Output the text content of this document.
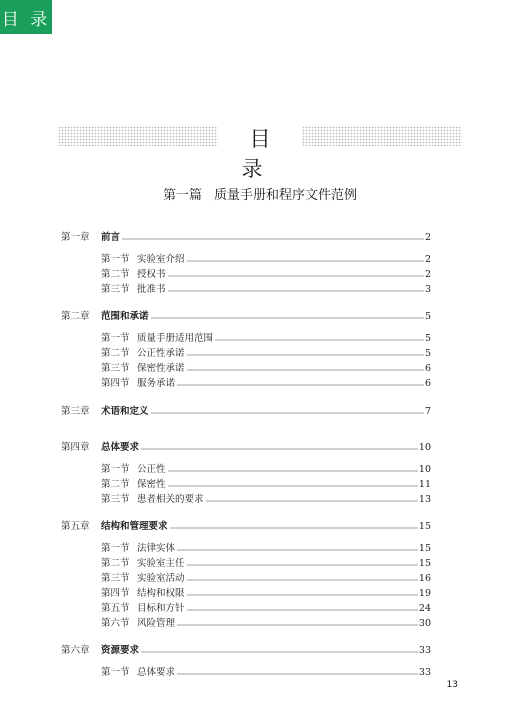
目 录
目 录
第一篇 质量手册和程序文件范例
第一章	前言	2
第一节 实验室介绍	2
第二节 授权书	2
第三节 批准书	3
第二章	范围和承诺	5
第一节 质量手册适用范围	5
第二节 公正性承诺	5
第三节 保密性承诺	6
第四节 服务承诺	6
第三章	术语和定义	7
第四章	总体要求	10
第一节 公正性	10
第二节 保密性	11
第三节 患者相关的要求	13
第五章	结构和管理要求	15
第一节 法律实体	15
第二节 实验室主任	15
第三节 实验室活动	16
第四节 结构和权限	19
第五节 目标和方针	24
第六节 风险管理	30
第六章	资源要求	33
第一节 总体要求	33
13
